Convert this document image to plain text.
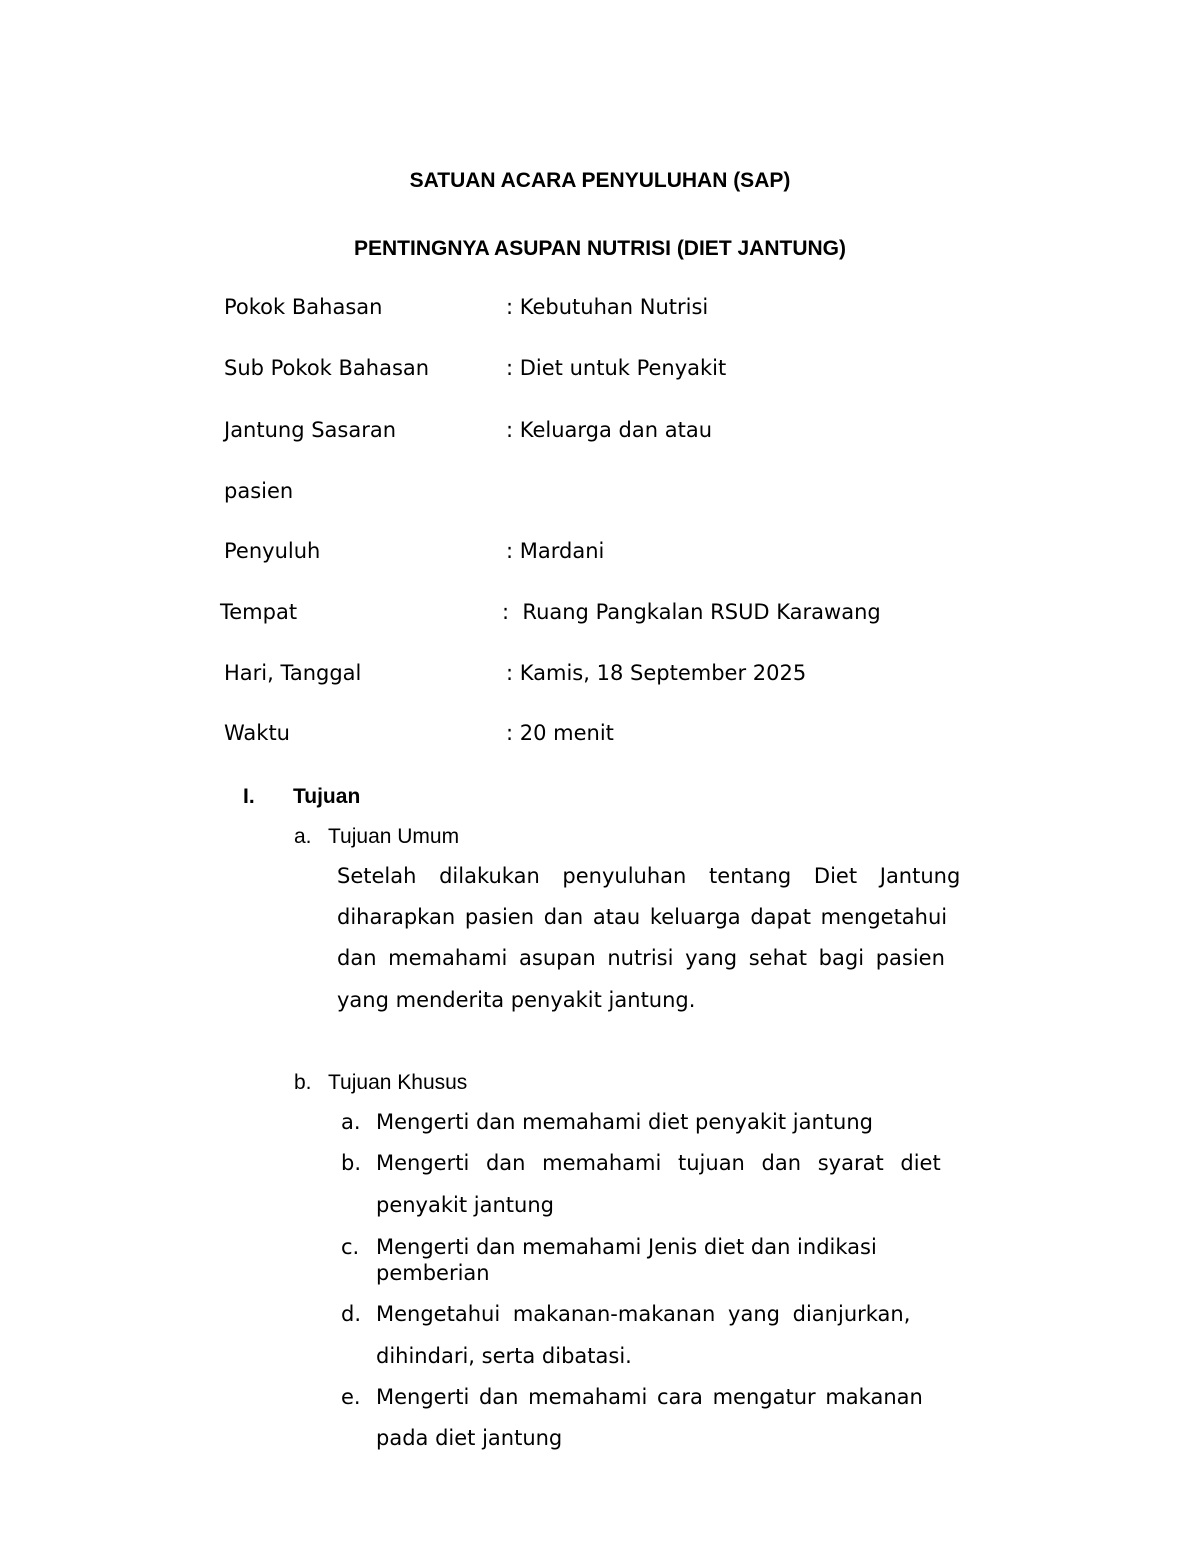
SATUAN ACARA PENYULUHAN (SAP)
PENTINGNYA ASUPAN NUTRISI (DIET JANTUNG)
Pokok Bahasan	: Kebutuhan Nutrisi
Sub Pokok Bahasan	: Diet untuk Penyakit
Jantung Sasaran	: Keluarga dan atau
pasien
Penyuluh	: Mardani
Tempat	:  Ruang Pangkalan RSUD Karawang
Hari, Tanggal	: Kamis, 18 September 2025
Waktu	: 20 menit
I. Tujuan
a. Tujuan Umum
Setelah dilakukan penyuluhan tentang Diet Jantung
diharapkan pasien dan atau keluarga dapat mengetahui
dan memahami asupan nutrisi yang sehat bagi pasien
yang menderita penyakit jantung.
b. Tujuan Khusus
a. Mengerti dan memahami diet penyakit jantung
b. Mengerti dan memahami tujuan dan syarat diet
penyakit jantung
c. Mengerti dan memahami Jenis diet dan indikasi
pemberian
d. Mengetahui makanan-makanan yang dianjurkan,
dihindari, serta dibatasi.
e. Mengerti dan memahami cara mengatur makanan
pada diet jantung
